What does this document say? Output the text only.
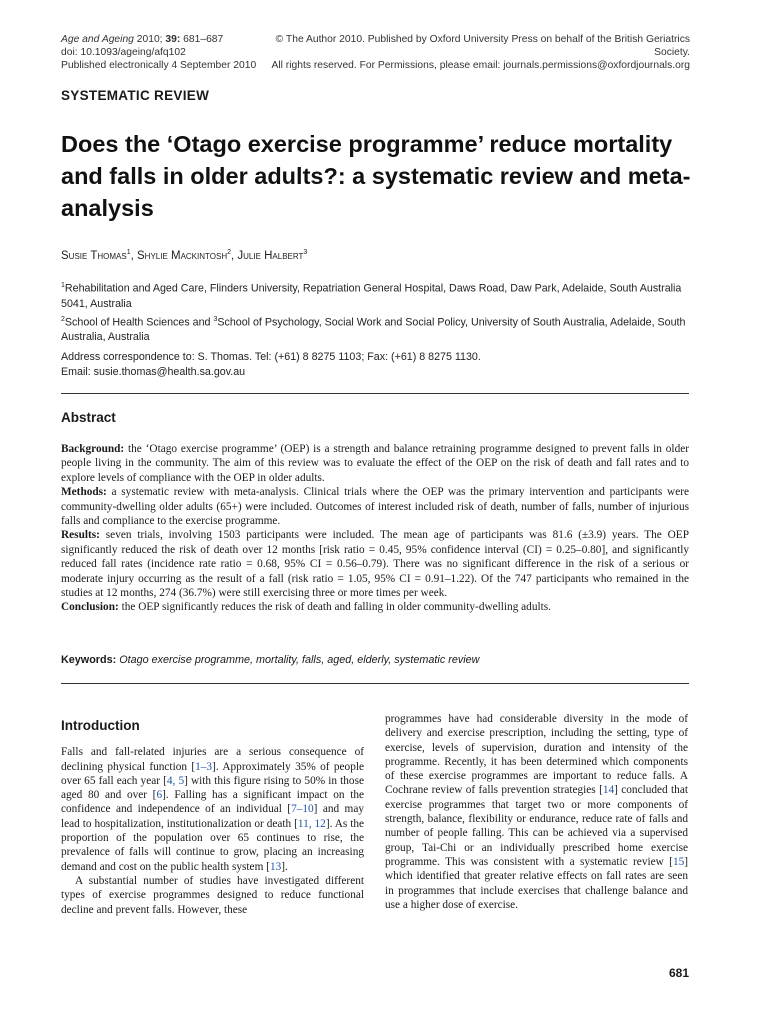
Age and Ageing 2010; 39: 681–687
doi: 10.1093/ageing/afq102
Published electronically 4 September 2010
© The Author 2010. Published by Oxford University Press on behalf of the British Geriatrics Society.
All rights reserved. For Permissions, please email: journals.permissions@oxfordjournals.org
SYSTEMATIC REVIEW
Does the ‘Otago exercise programme’ reduce mortality and falls in older adults?: a systematic review and meta-analysis
Susie Thomas$^1$, Shylie Mackintosh$^2$, Julie Halbert$^3$

$^1$Rehabilitation and Aged Care, Flinders University, Repatriation General Hospital, Daws Road, Daw Park, Adelaide, South Australia 5041, Australia

$^2$School of Health Sciences and $^3$School of Psychology, Social Work and Social Policy, University of South Australia, Adelaide, South Australia, Australia

Address correspondence to: S. Thomas. Tel: (+61) 8 8275 1103; Fax: (+61) 8 8275 1130.
Email: susie.thomas@health.sa.gov.au
Abstract

Background: the ‘Otago exercise programme’ (OEP) is a strength and balance retraining programme designed to prevent falls in older people living in the community. The aim of this review was to evaluate the effect of the OEP on the risk of death and fall rates and to explore levels of compliance with the OEP in older adults.

Methods: a systematic review with meta-analysis. Clinical trials where the OEP was the primary intervention and participants were community-dwelling older adults (65+) were included. Outcomes of interest included risk of death, number of falls, number of injurious falls and compliance to the exercise programme.

Results: seven trials, involving 1503 participants were included. The mean age of participants was 81.6 (±3.9) years. The OEP significantly reduced the risk of death over 12 months [risk ratio = 0.45, 95% confidence interval (CI) = 0.25–0.80], and significantly reduced fall rates (incidence rate ratio = 0.68, 95% CI = 0.56–0.79). There was no significant difference in the risk of a serious or moderate injury occurring as the result of a fall (risk ratio = 1.05, 95% CI = 0.91–1.22). Of the 747 participants who remained in the studies at 12 months, 274 (36.7%) were still exercising three or more times per week.

Conclusion: the OEP significantly reduces the risk of death and falling in older community-dwelling adults.

Keywords: Otago exercise programme, mortality, falls, aged, elderly, systematic review

Introduction

Falls and fall-related injuries are a serious consequence of declining physical function [1–3]. Approximately 35% of people over 65 fall each year [4, 5] with this figure rising to 50% in those aged 80 and over [6]. Falling has a significant impact on the confidence and independence of an individual [7–10] and may lead to hospitalization, institutionalization or death [11, 12]. As the proportion of the population over 65 continues to rise, the prevalence of falls will continue to grow, placing an increasing demand and cost on the public health system [13].

A substantial number of studies have investigated different types of exercise programmes designed to reduce functional decline and prevent falls. However, these

programmes have had considerable diversity in the mode of delivery and exercise prescription, including the setting, type of exercise, levels of supervision, duration and intensity of the programme. Recently, it has been determined which components of these exercise programmes are important to reduce falls. A Cochrane review of falls prevention strategies [14] concluded that exercise programmes that target two or more components of strength, balance, flexibility or endurance, reduce rate of falls and number of people falling. This can be achieved via a supervised group, Tai-Chi or an individually prescribed home exercise programme. This was consistent with a systematic review [15] which identified that greater relative effects on fall rates are seen in programmes that include exercises that challenge balance and use a higher dose of exercise.

681
